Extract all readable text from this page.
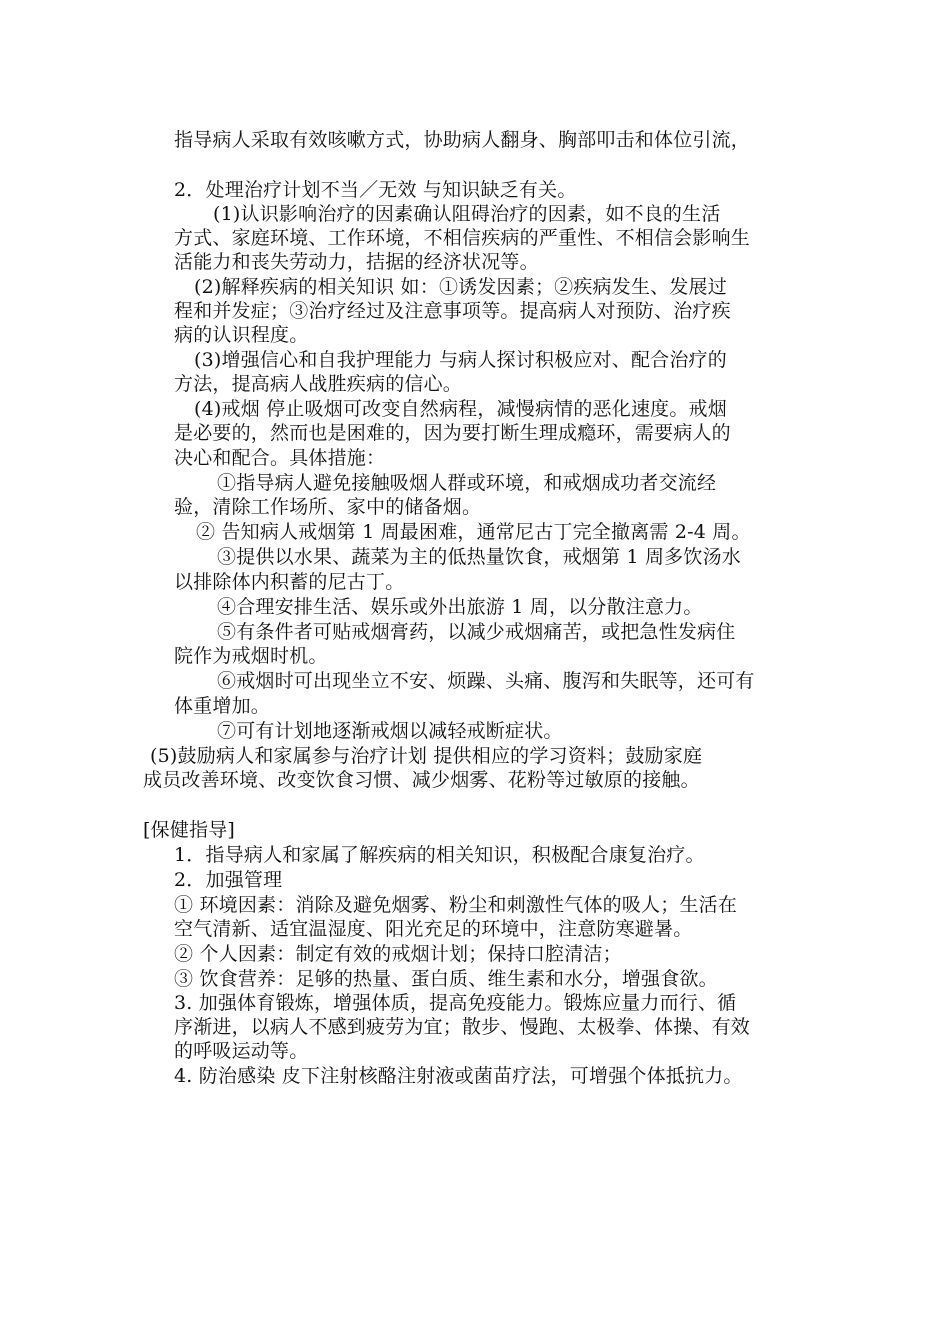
指导病人采取有效咳嗽方式，协助病人翻身、胸部叩击和体位引流，
2．处理治疗计划不当／无效 与知识缺乏有关。
(1)认识影响治疗的因素确认阻碍治疗的因素，如不良的生活
方式、家庭环境、工作环境，不相信疾病的严重性、不相信会影响生
活能力和丧失劳动力，拮据的经济状况等。
(2)解释疾病的相关知识 如：①诱发因素；②疾病发生、发展过
程和并发症；③治疗经过及注意事项等。提高病人对预防、治疗疾
病的认识程度。
(3)增强信心和自我护理能力 与病人探讨积极应对、配合治疗的
方法，提高病人战胜疾病的信心。
(4)戒烟 停止吸烟可改变自然病程，减慢病情的恶化速度。戒烟
是必要的，然而也是困难的，因为要打断生理成瘾环，需要病人的
决心和配合。具体措施：
①指导病人避免接触吸烟人群或环境，和戒烟成功者交流经
验，清除工作场所、家中的储备烟。
② 告知病人戒烟第 1 周最困难，通常尼古丁完全撤离需 2-4 周。
③提供以水果、蔬菜为主的低热量饮食，戒烟第 1 周多饮汤水
以排除体内积蓄的尼古丁。
④合理安排生活、娱乐或外出旅游 1 周，以分散注意力。
⑤有条件者可贴戒烟膏药，以减少戒烟痛苦，或把急性发病住
院作为戒烟时机。
⑥戒烟时可出现坐立不安、烦躁、头痛、腹泻和失眠等，还可有
体重增加。
⑦可有计划地逐渐戒烟以减轻戒断症状。
(5)鼓励病人和家属参与治疗计划 提供相应的学习资料；鼓励家庭
成员改善环境、改变饮食习惯、减少烟雾、花粉等过敏原的接触。
[保健指导]
1．指导病人和家属了解疾病的相关知识，积极配合康复治疗。
2．加强管理
① 环境因素：消除及避免烟雾、粉尘和刺激性气体的吸人；生活在
空气清新、适宜温湿度、阳光充足的环境中，注意防寒避暑。
② 个人因素：制定有效的戒烟计划；保持口腔清洁；
③ 饮食营养：足够的热量、蛋白质、维生素和水分，增强食欲。
3. 加强体育锻炼，增强体质，提高免疫能力。锻炼应量力而行、循
序渐进，以病人不感到疲劳为宜；散步、慢跑、太极拳、体操、有效
的呼吸运动等。
4. 防治感染 皮下注射核酪注射液或菌苗疗法，可增强个体抵抗力。
